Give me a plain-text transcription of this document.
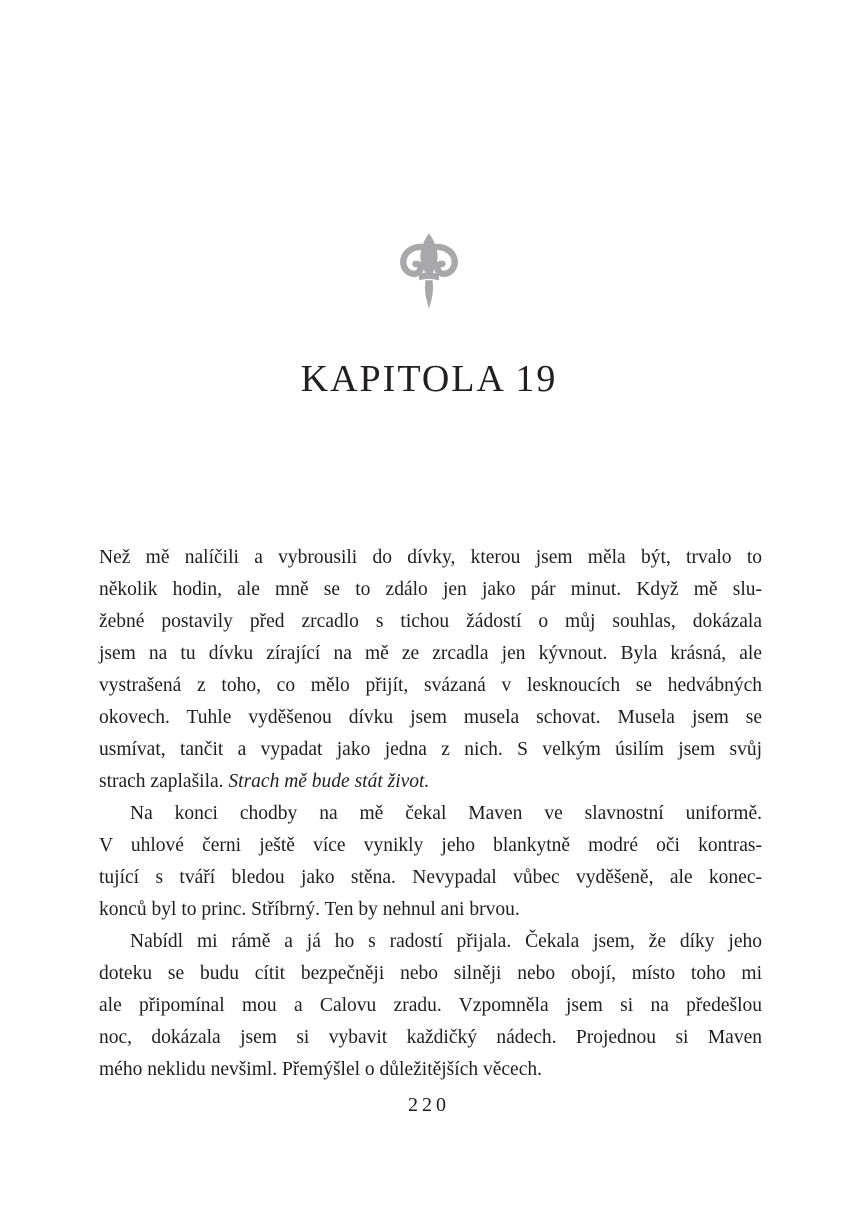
KAPITOLA 19
Než mě nalíčili a vybrousili do dívky, kterou jsem měla být, trvalo to
několik hodin, ale mně se to zdálo jen jako pár minut. Když mě slu-
žebné postavily před zrcadlo s tichou žádostí o můj souhlas, dokázala
jsem na tu dívku zírající na mě ze zrcadla jen kývnout. Byla krásná, ale
vystrašená z toho, co mělo přijít, svázaná v lesknoucích se hedvábných
okovech. Tuhle vyděšenou dívku jsem musela schovat. Musela jsem se
usmívat, tančit a vypadat jako jedna z nich. S velkým úsilím jsem svůj
strach zaplašila. Strach mě bude stát život.
Na konci chodby na mě čekal Maven ve slavnostní uniformě.
V uhlové černi ještě více vynikly jeho blankytně modré oči kontras-
tující s tváří bledou jako stěna. Nevypadal vůbec vyděšeně, ale konec-
konců byl to princ. Stříbrný. Ten by nehnul ani brvou.
Nabídl mi rámě a já ho s radostí přijala. Čekala jsem, že díky jeho
doteku se budu cítit bezpečněji nebo silněji nebo obojí, místo toho mi
ale připomínal mou a Calovu zradu. Vzpomněla jsem si na předešlou
noc, dokázala jsem si vybavit každičký nádech. Projednou si Maven
mého neklidu nevšiml. Přemýšlel o důležitějších věcech.
220
